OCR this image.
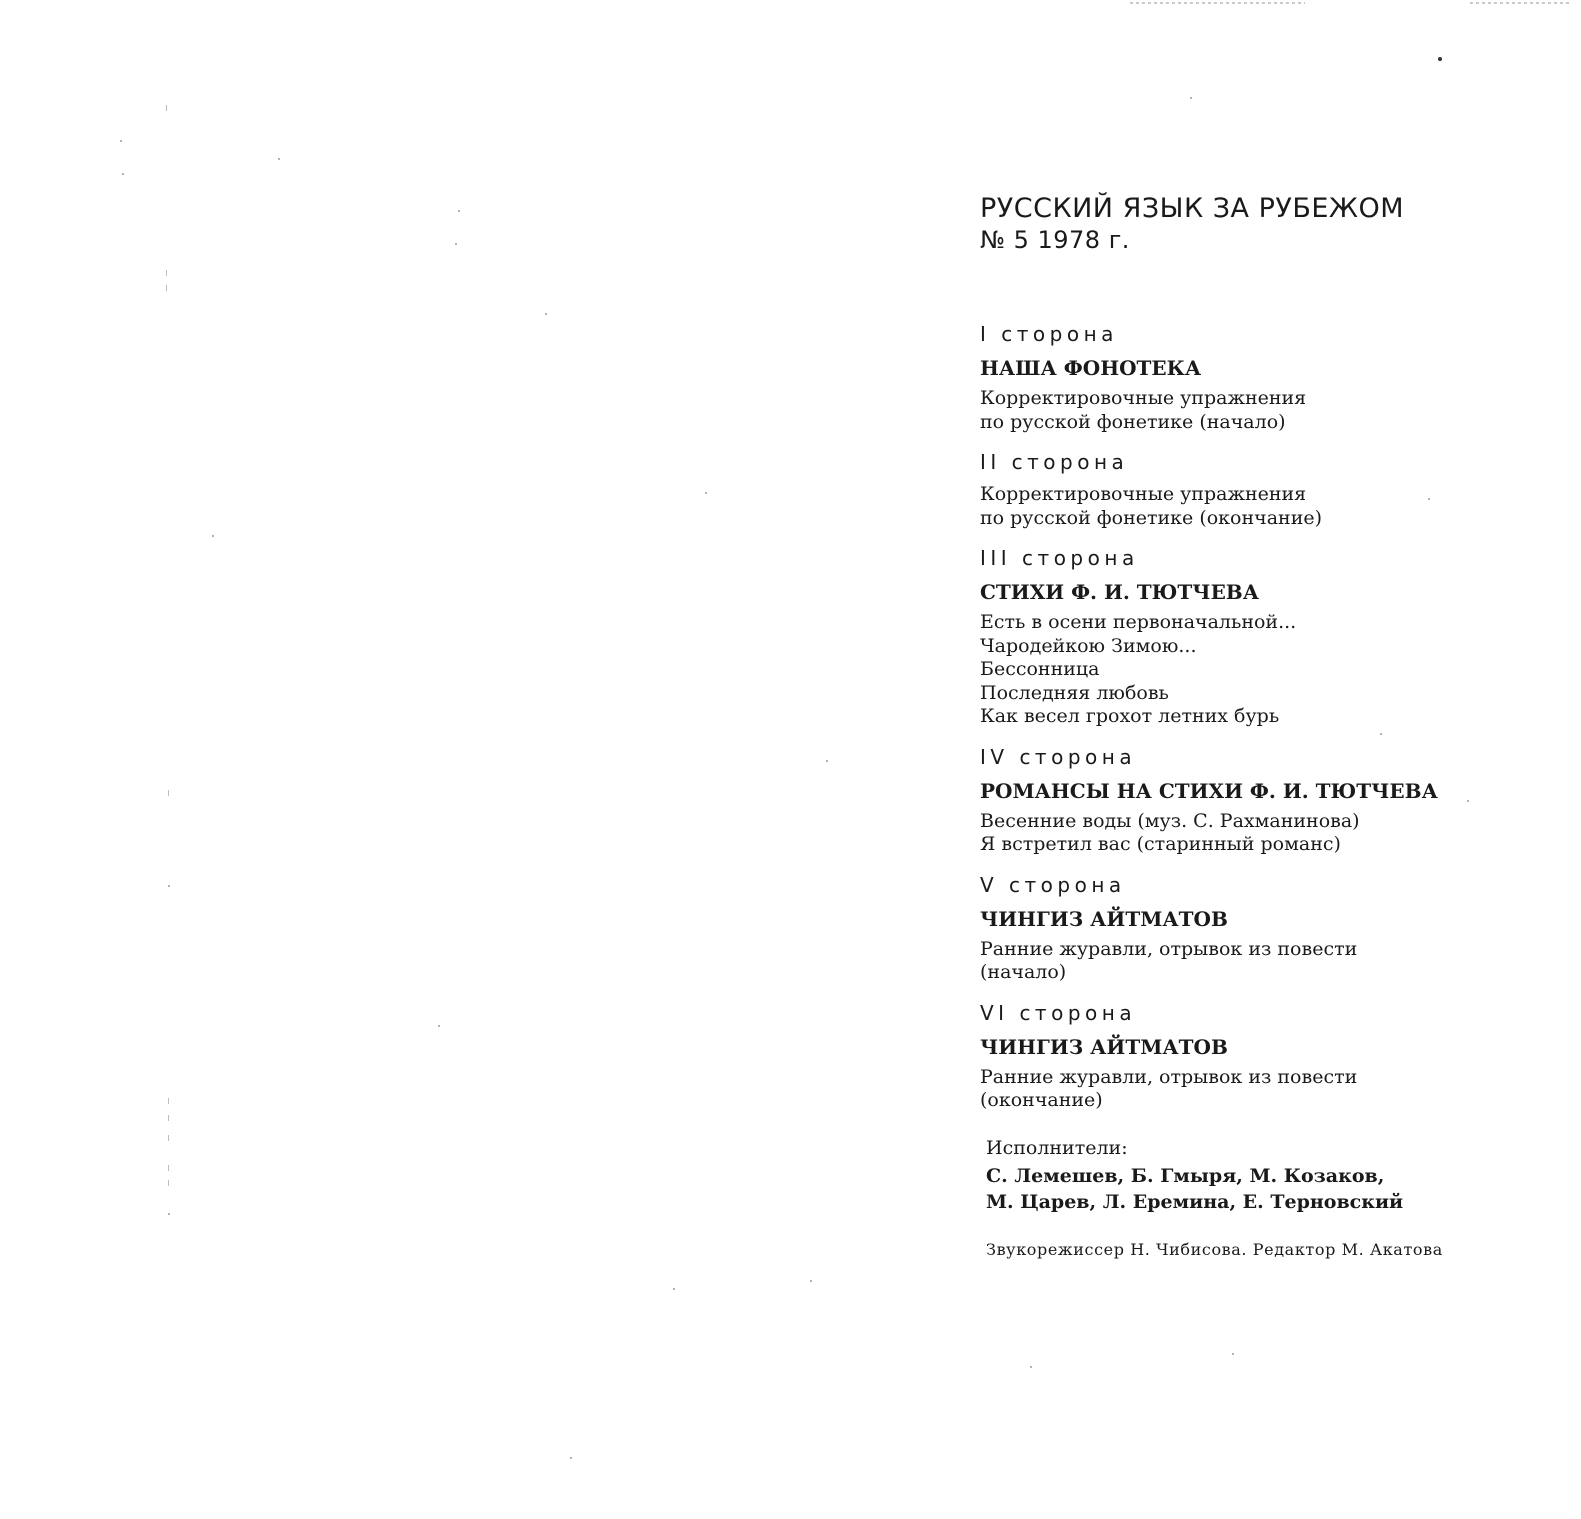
РУССКИЙ ЯЗЫК ЗА РУБЕЖОМ
№ 5 1978 г.
I сторона
НАША ФОНОТЕКА
Корректировочные упражнения
по русской фонетике (начало)
II сторона
Корректировочные упражнения
по русской фонетике (окончание)
III сторона
СТИХИ Ф. И. ТЮТЧЕВА
Есть в осени первоначальной...
Чародейкою Зимою...
Бессонница
Последняя любовь
Как весел грохот летних бурь
IV сторона
РОМАНСЫ НА СТИХИ Ф. И. ТЮТЧЕВА
Весенние воды (муз. С. Рахманинова)
Я встретил вас (старинный романс)
V сторона
ЧИНГИЗ АЙТМАТОВ
Ранние журавли, отрывок из повести
(начало)
VI сторона
ЧИНГИЗ АЙТМАТОВ
Ранние журавли, отрывок из повести
(окончание)
Исполнители:
С. Лемешев, Б. Гмыря, М. Козаков,
М. Царев, Л. Еремина, Е. Терновский
Звукорежиссер Н. Чибисова. Редактор М. Акатова
